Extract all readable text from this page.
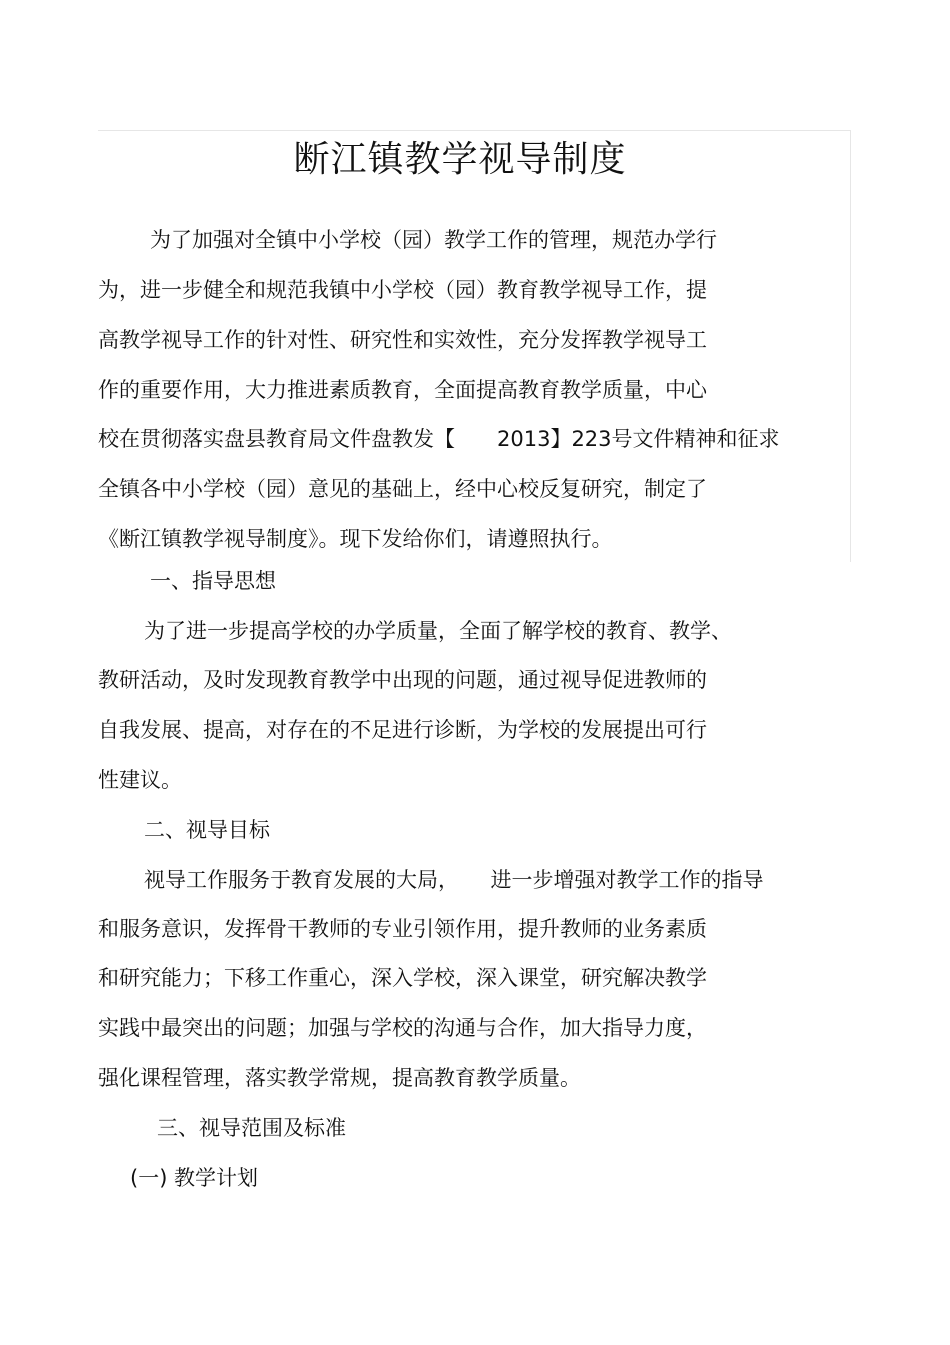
断江镇教学视导制度

为了加强对全镇中小学校（园）教学工作的管理，规范办学行

为，进一步健全和规范我镇中小学校（园）教育教学视导工作，提

高教学视导工作的针对性、研究性和实效性，充分发挥教学视导工

作的重要作用，大力推进素质教育，全面提高教育教学质量，中心

校在贯彻落实盘县教育局文件盘教发【　　2013】223号文件精神和征求

全镇各中小学校（园）意见的基础上，经中心校反复研究，制定了

《断江镇教学视导制度》。现下发给你们，请遵照执行。

一、指导思想

为了进一步提高学校的办学质量，全面了解学校的教育、教学、

教研活动，及时发现教育教学中出现的问题，通过视导促进教师的

自我发展、提高，对存在的不足进行诊断，为学校的发展提出可行

性建议。

二、视导目标

视导工作服务于教育发展的大局，　　进一步增强对教学工作的指导

和服务意识，发挥骨干教师的专业引领作用，提升教师的业务素质

和研究能力；下移工作重心，深入学校，深入课堂，研究解决教学

实践中最突出的问题；加强与学校的沟通与合作，加大指导力度，

强化课程管理，落实教学常规，提高教育教学质量。

三、视导范围及标准

(一) 教学计划
